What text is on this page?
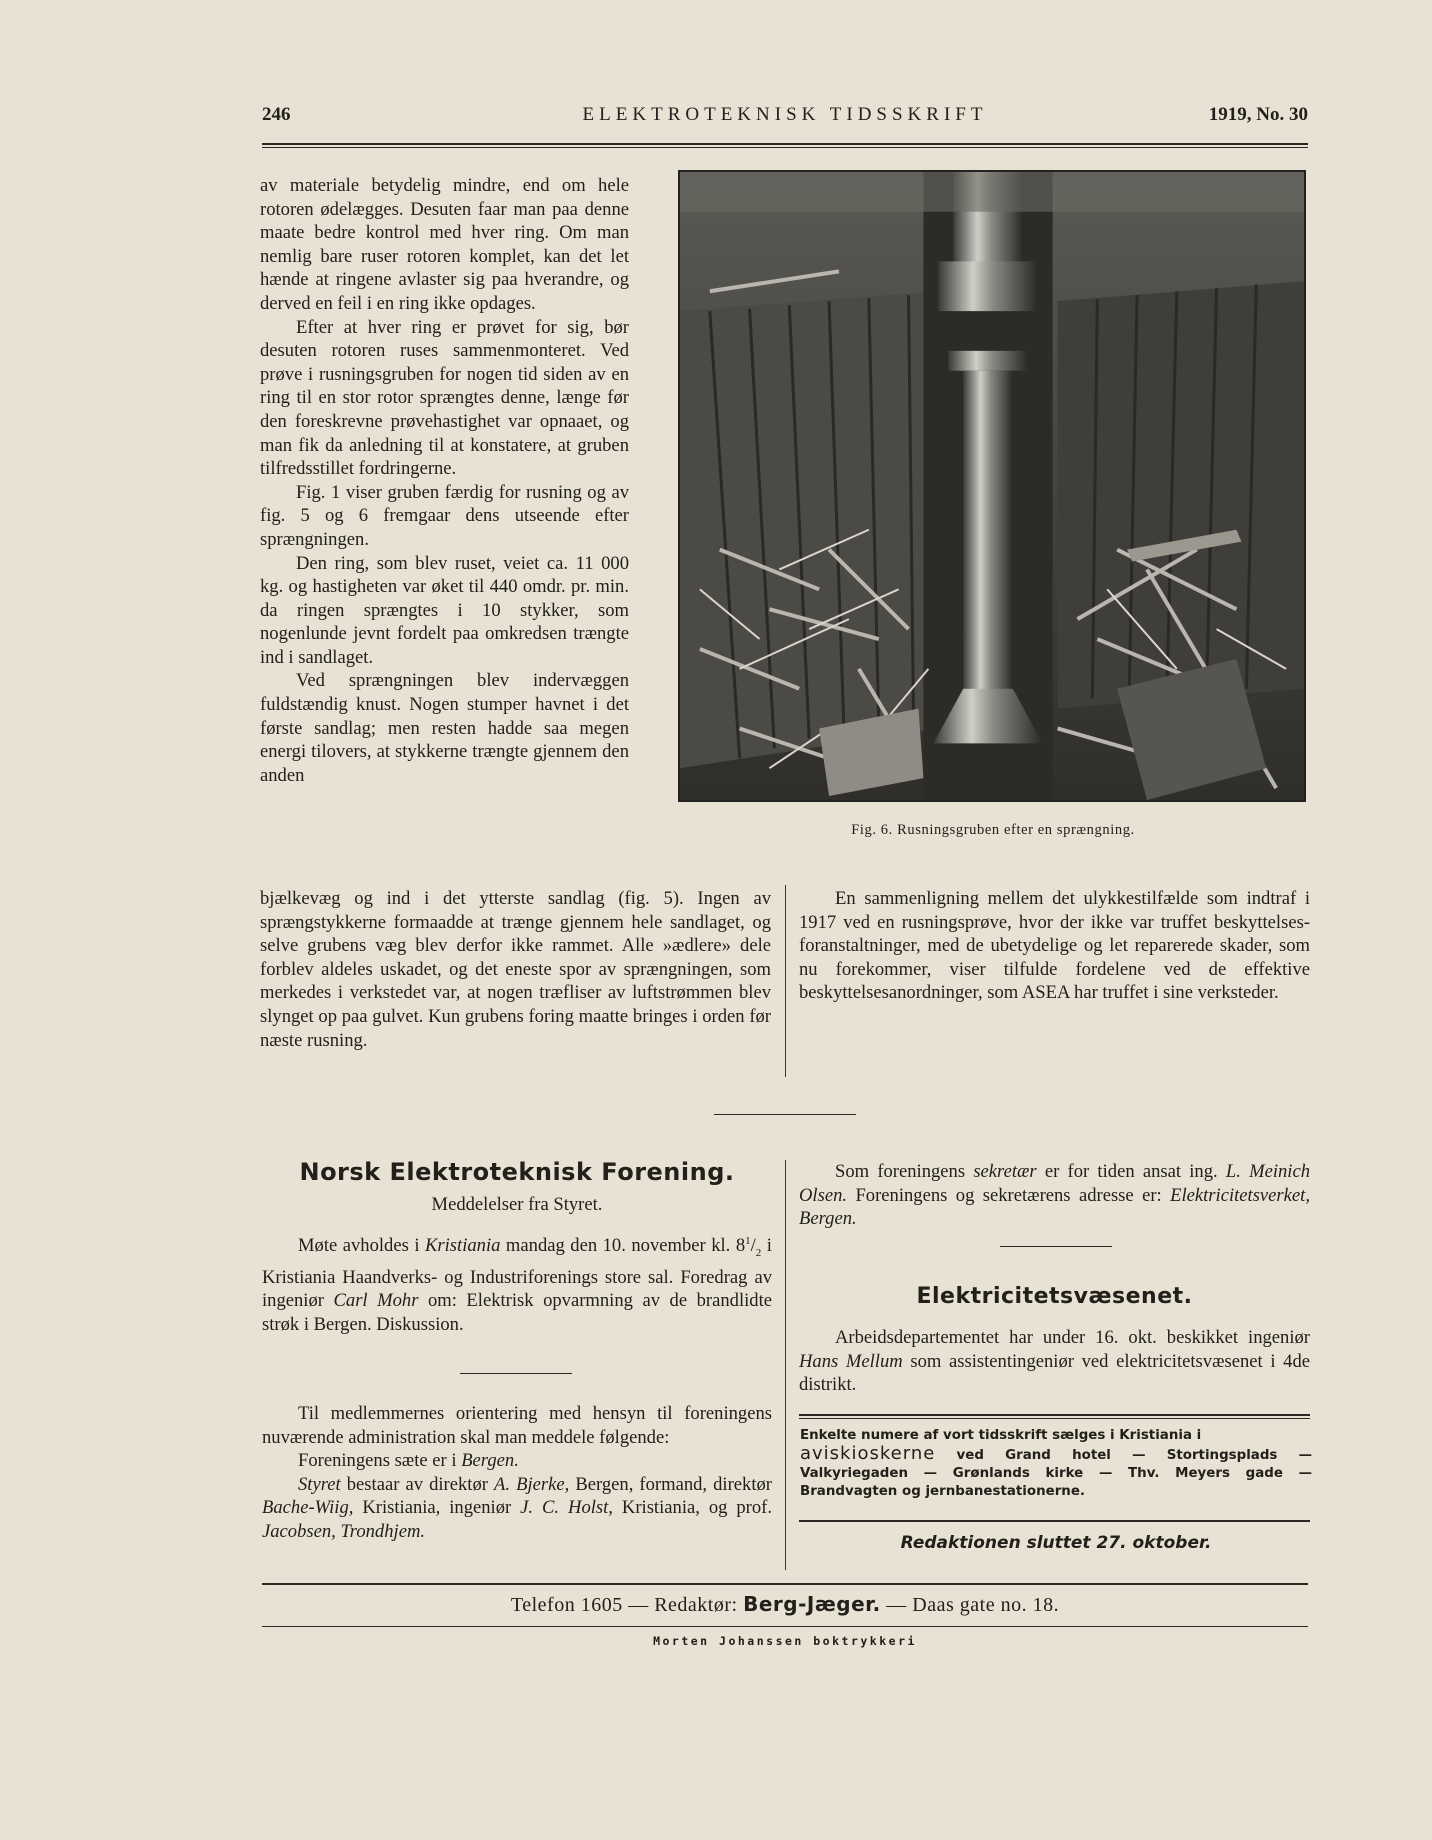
246	ELEKTROTEKNISK TIDSSKRIFT	1919, No. 30

av materiale betydelig mindre, end om hele rotoren ødelægges. Desuten faar man paa denne maate bedre kontrol med hver ring. Om man nemlig bare ruser rotoren komplet, kan det let hænde at ringene avlaster sig paa hverandre, og derved en feil i en ring ikke opdages.

Efter at hver ring er prøvet for sig, bør desuten rotoren ruses sammenmonteret. Ved prøve i rusningsgruben for nogen tid siden av en ring til en stor rotor sprængtes denne, længe før den foreskrevne prøvehastighet var opnaaet, og man fik da anledning til at konstatere, at gruben tilfredsstillet fordringerne.

Fig. 1 viser gruben færdig for rusning og av fig. 5 og 6 fremgaar dens utseende efter sprængningen.

Den ring, som blev ruset, veiet ca. 11 000 kg. og hastigheten var øket til 440 omdr. pr. min. da ringen sprængtes i 10 stykker, som nogenlunde jevnt fordelt paa omkredsen trængte ind i sandlaget.

Ved sprængningen blev indervæggen fuldstændig knust. Nogen stumper havnet i det første sandlag; men resten hadde saa megen energi tilovers, at stykkerne trængte gjennem den anden

bjælkevæg og ind i det ytterste sandlag (fig. 5). Ingen av sprængstykkerne formaadde at trænge gjennem hele sandlaget, og selve grubens væg blev derfor ikke rammet. Alle »ædlere» dele forblev aldeles uskadet, og det eneste spor av sprængningen, som merkedes i verkstedet var, at nogen træfliser av luftstrømmen blev slynget op paa gulvet. Kun grubens foring maatte bringes i orden før næste rusning.

Fig. 6. Rusningsgruben efter en sprængning.

En sammenligning mellem det ulykkestilfælde som indtraf i 1917 ved en rusningsprøve, hvor der ikke var truffet beskyttelses-foranstaltninger, med de ubetydelige og let reparerede skader, som nu forekommer, viser tilfulde fordelene ved de effektive beskyttelsesanordninger, som ASEA har truffet i sine verksteder.

Norsk Elektroteknisk Forening.
Meddelelser fra Styret.

Møte avholdes i Kristiania mandag den 10. november kl. $8^1/_2$ i Kristiania Haandverks- og Industriforenings store sal. Foredrag av ingeniør Carl Mohr om: Elektrisk opvarmning av de brandlidte strøk i Bergen. Diskussion.

Til medlemmernes orientering med hensyn til foreningens nuværende administration skal man meddele følgende:

Foreningens sæte er i Bergen.

Styret bestaar av direktør A. Bjerke, Bergen, formand, direktør Bache-Wiig, Kristiania, ingeniør J. C. Holst, Kristiania, og prof. Jacobsen, Trondhjem.

Som foreningens sekretær er for tiden ansat ing. L. Meinich Olsen. Foreningens og sekretærens adresse er: Elektricitetsverket, Bergen.

Elektricitetsvæsenet.

Arbeidsdepartementet har under 16. okt. beskikket ingeniør Hans Mellum som assistentingeniør ved elektricitetsvæsenet i 4de distrikt.

Enkelte numere af vort tidsskrift sælges i Kristiania i
aviskioskerne ved Grand hotel — Stortingsplads — Valkyriegaden — Grønlands kirke — Thv. Meyers gade — Brandvagten og jernbanestationerne.
Redaktionen sluttet 27. oktober.
Telefon 1605 — Redaktør: Berg-Jæger. — Daas gate no. 18.
Morten Johanssen boktrykkeri
